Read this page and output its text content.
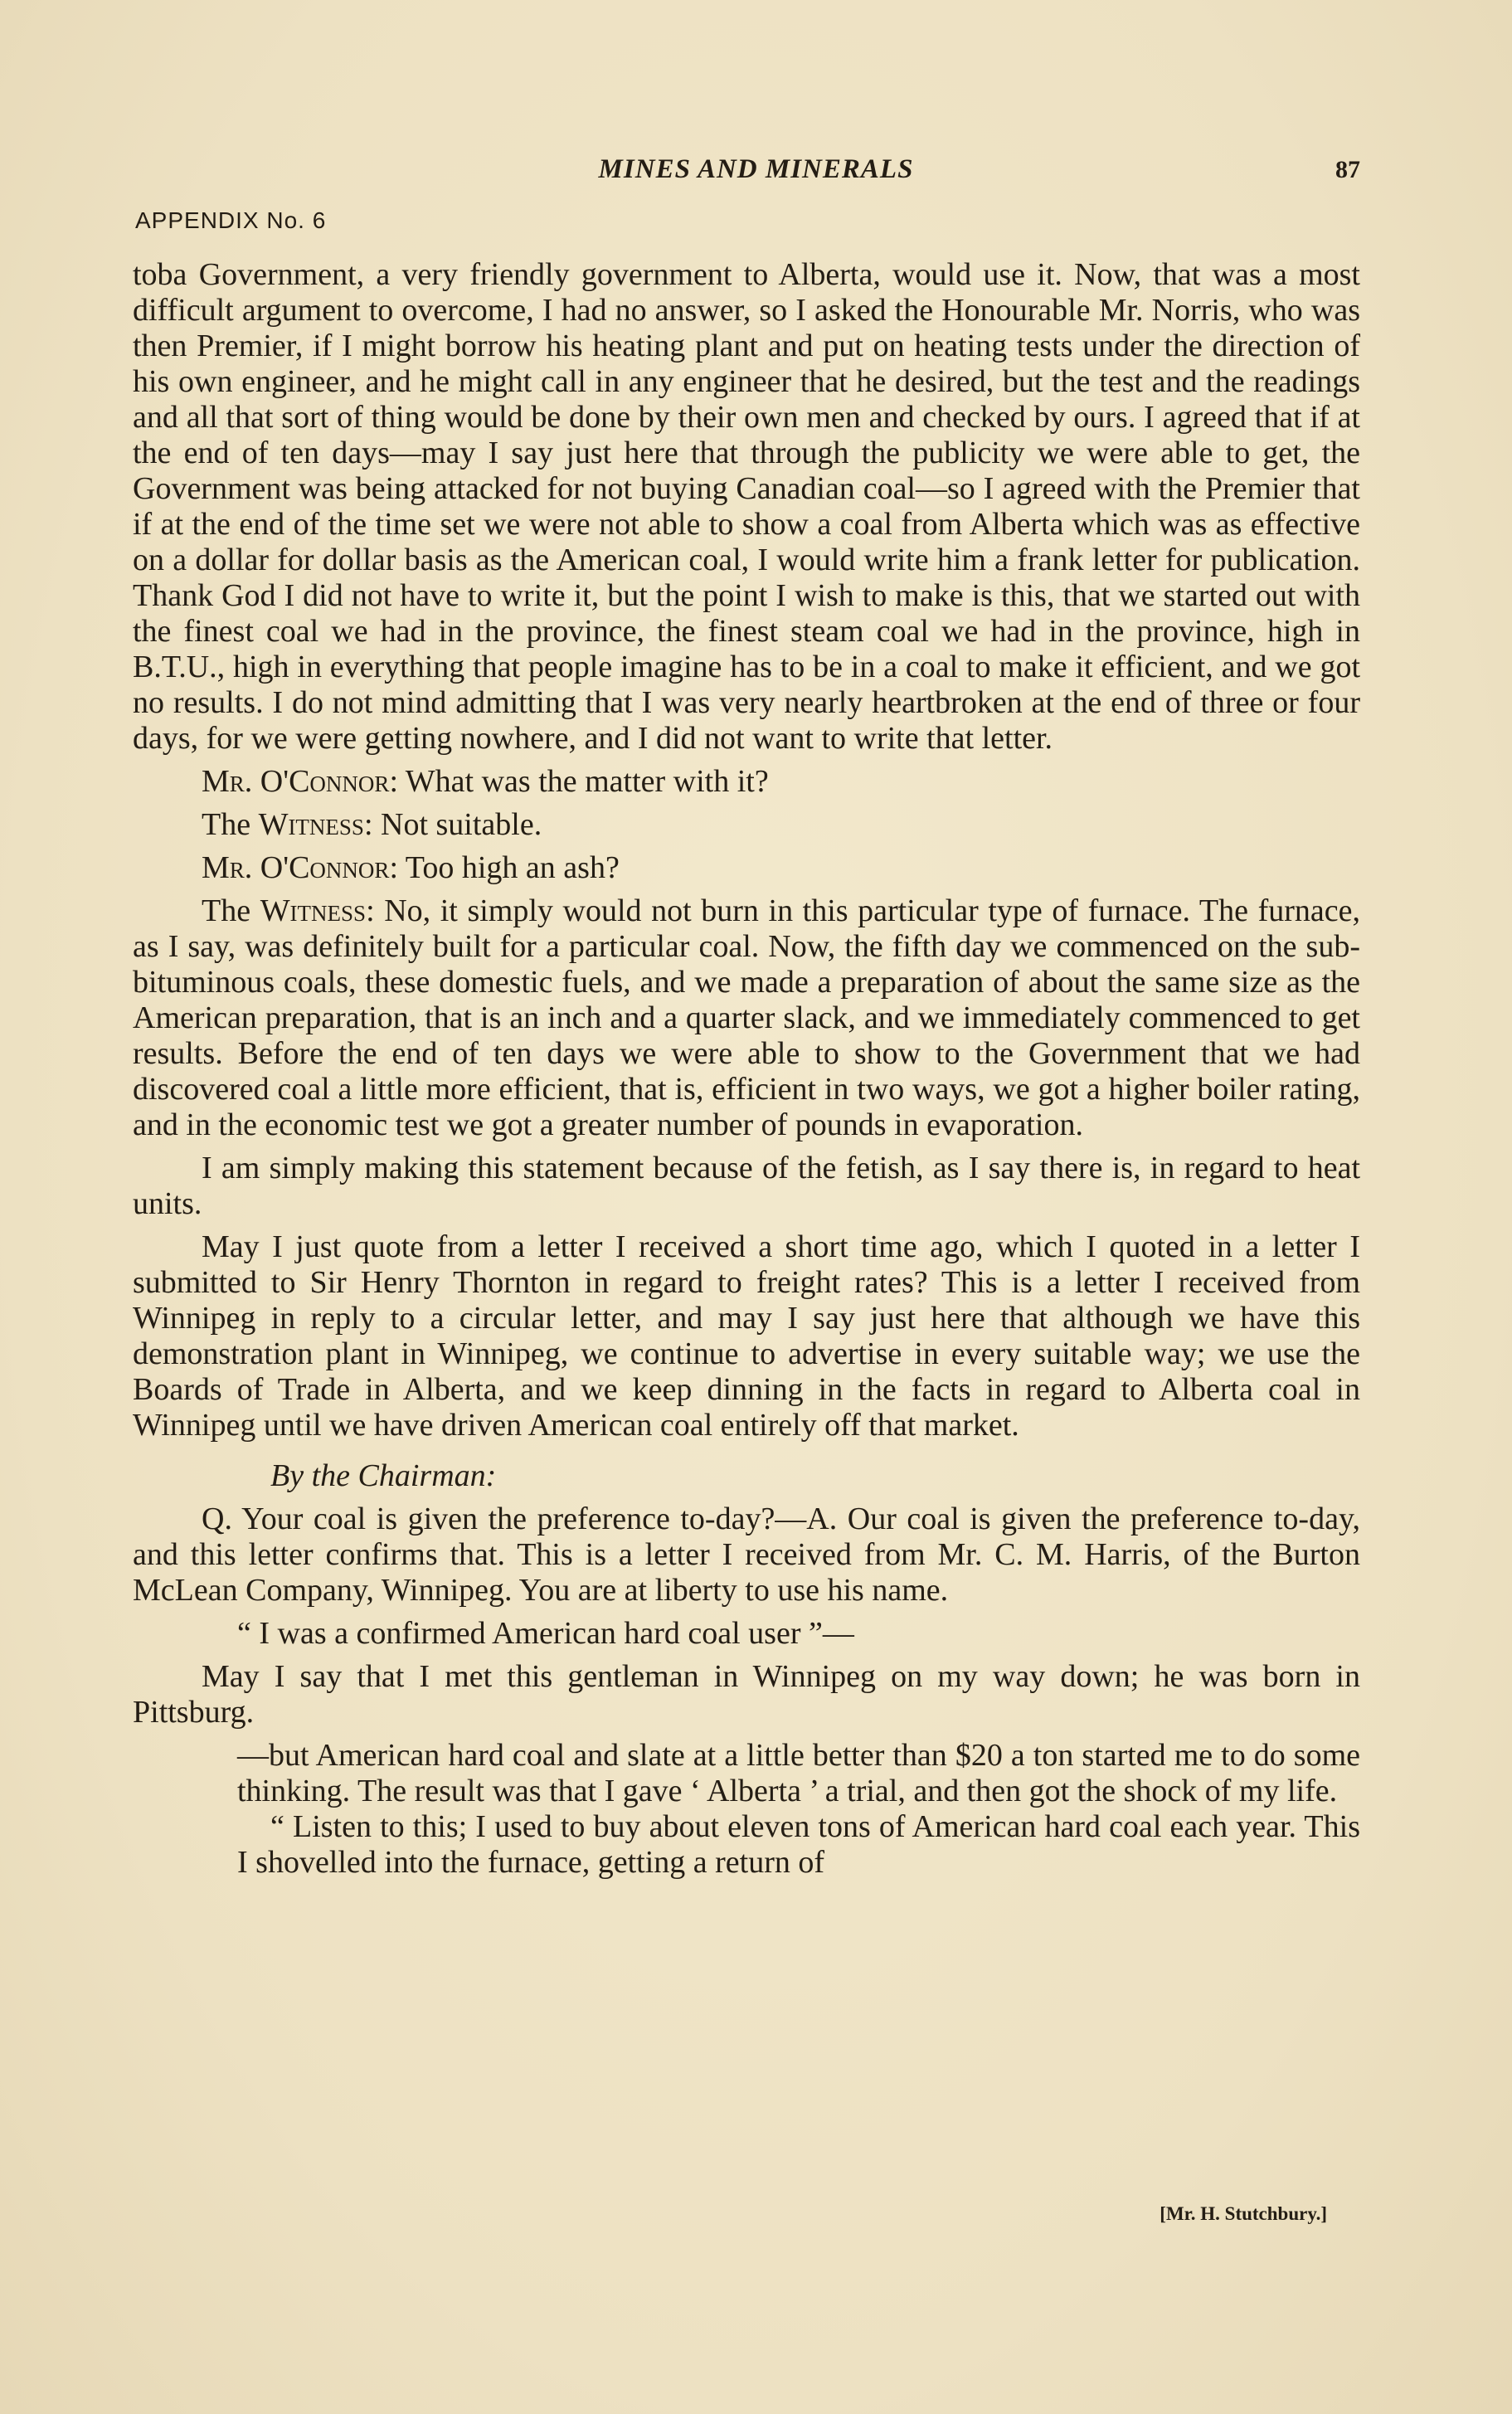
MINES AND MINERALS	87
APPENDIX No. 6

toba Government, a very friendly government to Alberta, would use it. Now, that was a most difficult argument to overcome, I had no answer, so I asked the Honourable Mr. Norris, who was then Premier, if I might borrow his heating plant and put on heating tests under the direction of his own engineer, and he might call in any engineer that he desired, but the test and the readings and all that sort of thing would be done by their own men and checked by ours. I agreed that if at the end of ten days—may I say just here that through the publicity we were able to get, the Government was being attacked for not buying Canadian coal—so I agreed with the Premier that if at the end of the time set we were not able to show a coal from Alberta which was as effective on a dollar for dollar basis as the American coal, I would write him a frank letter for publication. Thank God I did not have to write it, but the point I wish to make is this, that we started out with the finest coal we had in the province, the finest steam coal we had in the province, high in B.T.U., high in everything that people imagine has to be in a coal to make it efficient, and we got no results. I do not mind admitting that I was very nearly heartbroken at the end of three or four days, for we were getting nowhere, and I did not want to write that letter.

Mr. O'Connor: What was the matter with it?

The Witness: Not suitable.

Mr. O'Connor: Too high an ash?

The Witness: No, it simply would not burn in this particular type of furnace. The furnace, as I say, was definitely built for a particular coal. Now, the fifth day we commenced on the sub-bituminous coals, these domestic fuels, and we made a preparation of about the same size as the American preparation, that is an inch and a quarter slack, and we immediately commenced to get results. Before the end of ten days we were able to show to the Government that we had discovered coal a little more efficient, that is, efficient in two ways, we got a higher boiler rating, and in the economic test we got a greater number of pounds in evaporation.

I am simply making this statement because of the fetish, as I say there is, in regard to heat units.

May I just quote from a letter I received a short time ago, which I quoted in a letter I submitted to Sir Henry Thornton in regard to freight rates? This is a letter I received from Winnipeg in reply to a circular letter, and may I say just here that although we have this demonstration plant in Winnipeg, we continue to advertise in every suitable way; we use the Boards of Trade in Alberta, and we keep dinning in the facts in regard to Alberta coal in Winnipeg until we have driven American coal entirely off that market.

By the Chairman:

Q. Your coal is given the preference to-day?—A. Our coal is given the preference to-day, and this letter confirms that. This is a letter I received from Mr. C. M. Harris, of the Burton McLean Company, Winnipeg. You are at liberty to use his name.

“ I was a confirmed American hard coal user ”—

May I say that I met this gentleman in Winnipeg on my way down; he was born in Pittsburg.

—but American hard coal and slate at a little better than $20 a ton started me to do some thinking. The result was that I gave ‘ Alberta ’ a trial, and then got the shock of my life.

“ Listen to this; I used to buy about eleven tons of American hard coal each year. This I shovelled into the furnace, getting a return of

[Mr. H. Stutchbury.]
